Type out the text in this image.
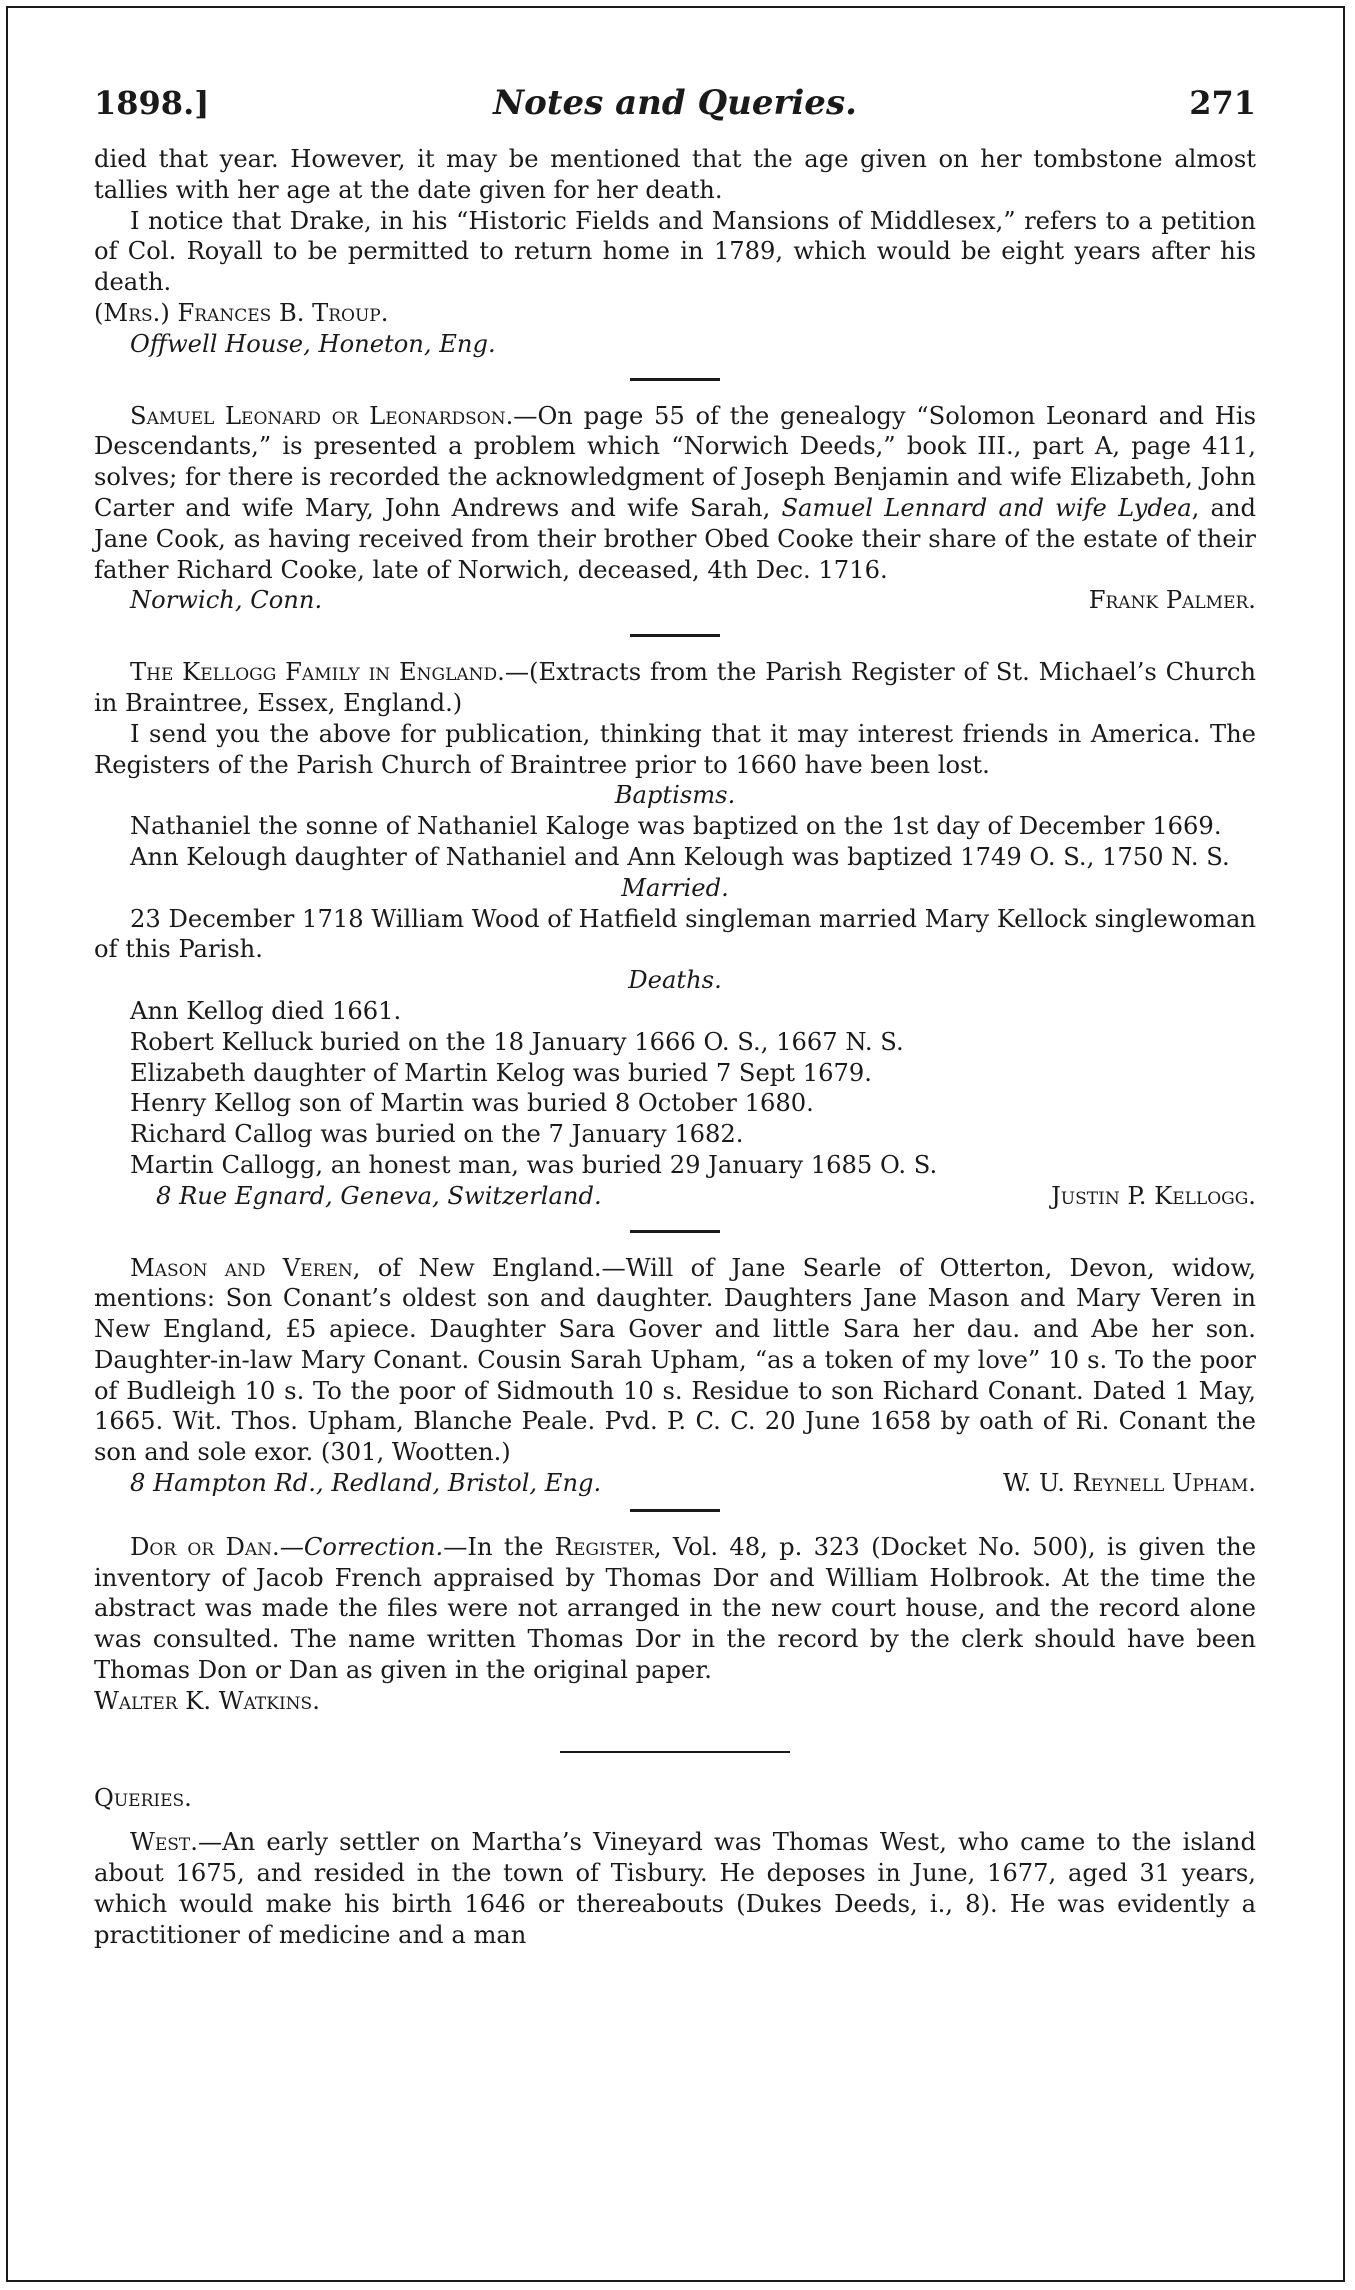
1898.]	Notes and Queries.	271

died that year. However, it may be mentioned that the age given on her tombstone almost tallies with her age at the date given for her death.

I notice that Drake, in his “Historic Fields and Mansions of Middlesex,” refers to a petition of Col. Royall to be permitted to return home in 1789, which would be eight years after his death.

(Mrs.) Frances B. Troup.

Offwell House, Honeton, Eng.

Samuel Leonard or Leonardson.—On page 55 of the genealogy “Solomon Leonard and His Descendants,” is presented a problem which “Norwich Deeds,” book III., part A, page 411, solves; for there is recorded the acknowledgment of Joseph Benjamin and wife Elizabeth, John Carter and wife Mary, John Andrews and wife Sarah, Samuel Lennard and wife Lydea, and Jane Cook, as having received from their brother Obed Cooke their share of the estate of their father Richard Cooke, late of Norwich, deceased, 4th Dec. 1716.

Norwich, Conn.	Frank Palmer.

The Kellogg Family in England.—(Extracts from the Parish Register of St. Michael’s Church in Braintree, Essex, England.)

I send you the above for publication, thinking that it may interest friends in America. The Registers of the Parish Church of Braintree prior to 1660 have been lost.

Baptisms.

Nathaniel the sonne of Nathaniel Kaloge was baptized on the 1st day of December 1669.

Ann Kelough daughter of Nathaniel and Ann Kelough was baptized 1749 O. S., 1750 N. S.

Married.

23 December 1718 William Wood of Hatfield singleman married Mary Kellock singlewoman of this Parish.

Deaths.

Ann Kellog died 1661.
Robert Kelluck buried on the 18 January 1666 O. S., 1667 N. S.
Elizabeth daughter of Martin Kelog was buried 7 Sept 1679.
Henry Kellog son of Martin was buried 8 October 1680.
Richard Callog was buried on the 7 January 1682.
Martin Callogg, an honest man, was buried 29 January 1685 O. S.
8 Rue Egnard, Geneva, Switzerland.	Justin P. Kellogg.

Mason and Veren, of New England.—Will of Jane Searle of Otterton, Devon, widow, mentions: Son Conant’s oldest son and daughter. Daughters Jane Mason and Mary Veren in New England, £5 apiece. Daughter Sara Gover and little Sara her dau. and Abe her son. Daughter-in-law Mary Conant. Cousin Sarah Upham, “as a token of my love” 10 s. To the poor of Budleigh 10 s. To the poor of Sidmouth 10 s. Residue to son Richard Conant. Dated 1 May, 1665. Wit. Thos. Upham, Blanche Peale. Pvd. P. C. C. 20 June 1658 by oath of Ri. Conant the son and sole exor. (301, Wootten.)

8 Hampton Rd., Redland, Bristol, Eng.	W. U. Reynell Upham.

Dor or Dan.—Correction.—In the Register, Vol. 48, p. 323 (Docket No. 500), is given the inventory of Jacob French appraised by Thomas Dor and William Holbrook. At the time the abstract was made the files were not arranged in the new court house, and the record alone was consulted. The name written Thomas Dor in the record by the clerk should have been Thomas Don or Dan as given in the original paper.

Walter K. Watkins.

Queries.

West.—An early settler on Martha’s Vineyard was Thomas West, who came to the island about 1675, and resided in the town of Tisbury. He deposes in June, 1677, aged 31 years, which would make his birth 1646 or thereabouts (Dukes Deeds, i., 8). He was evidently a practitioner of medicine and a man
